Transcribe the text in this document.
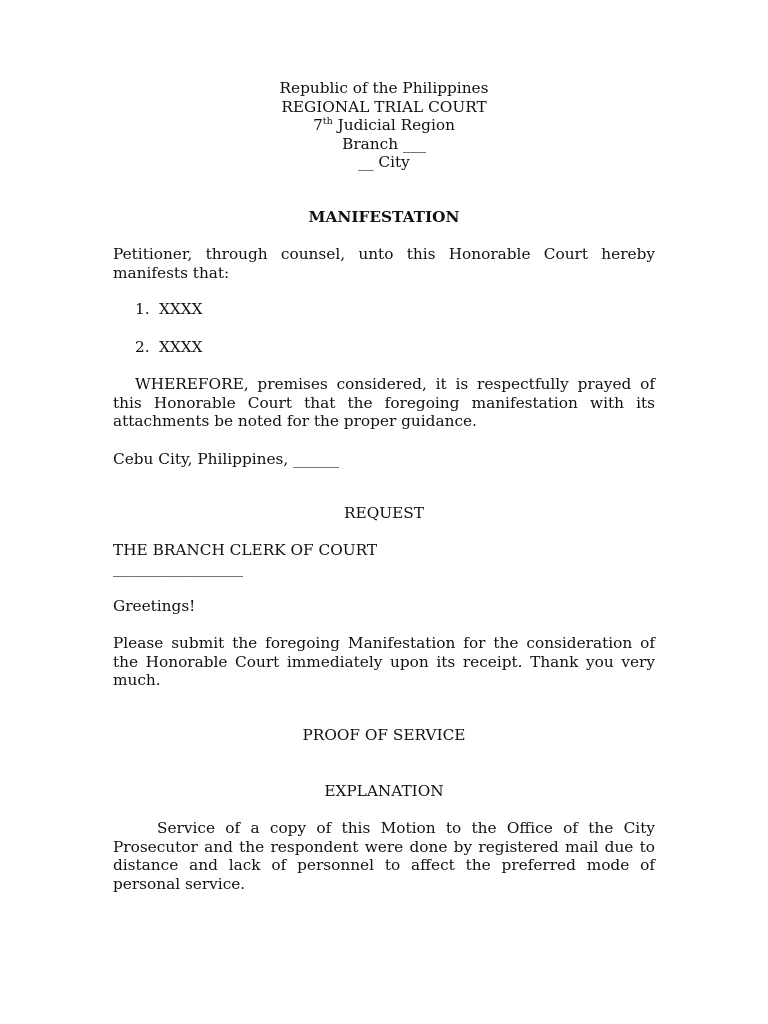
Republic of the Philippines
REGIONAL TRIAL COURT
7th Judicial Region
Branch ___
__ City
MANIFESTATION
Petitioner, through counsel, unto this Honorable Court hereby manifests that:
1. XXXX
2. XXXX
WHEREFORE, premises considered, it is respectfully prayed of this Honorable Court that the foregoing manifestation with its attachments be noted for the proper guidance.
Cebu City, Philippines, ______
REQUEST
THE BRANCH CLERK OF COURT
_________________
Greetings!
Please submit the foregoing Manifestation for the consideration of the Honorable Court immediately upon its receipt. Thank you very much.
PROOF OF SERVICE
EXPLANATION
Service of a copy of this Motion to the Office of the City Prosecutor and the respondent were done by registered mail due to distance and lack of personnel to affect the preferred mode of personal service.
